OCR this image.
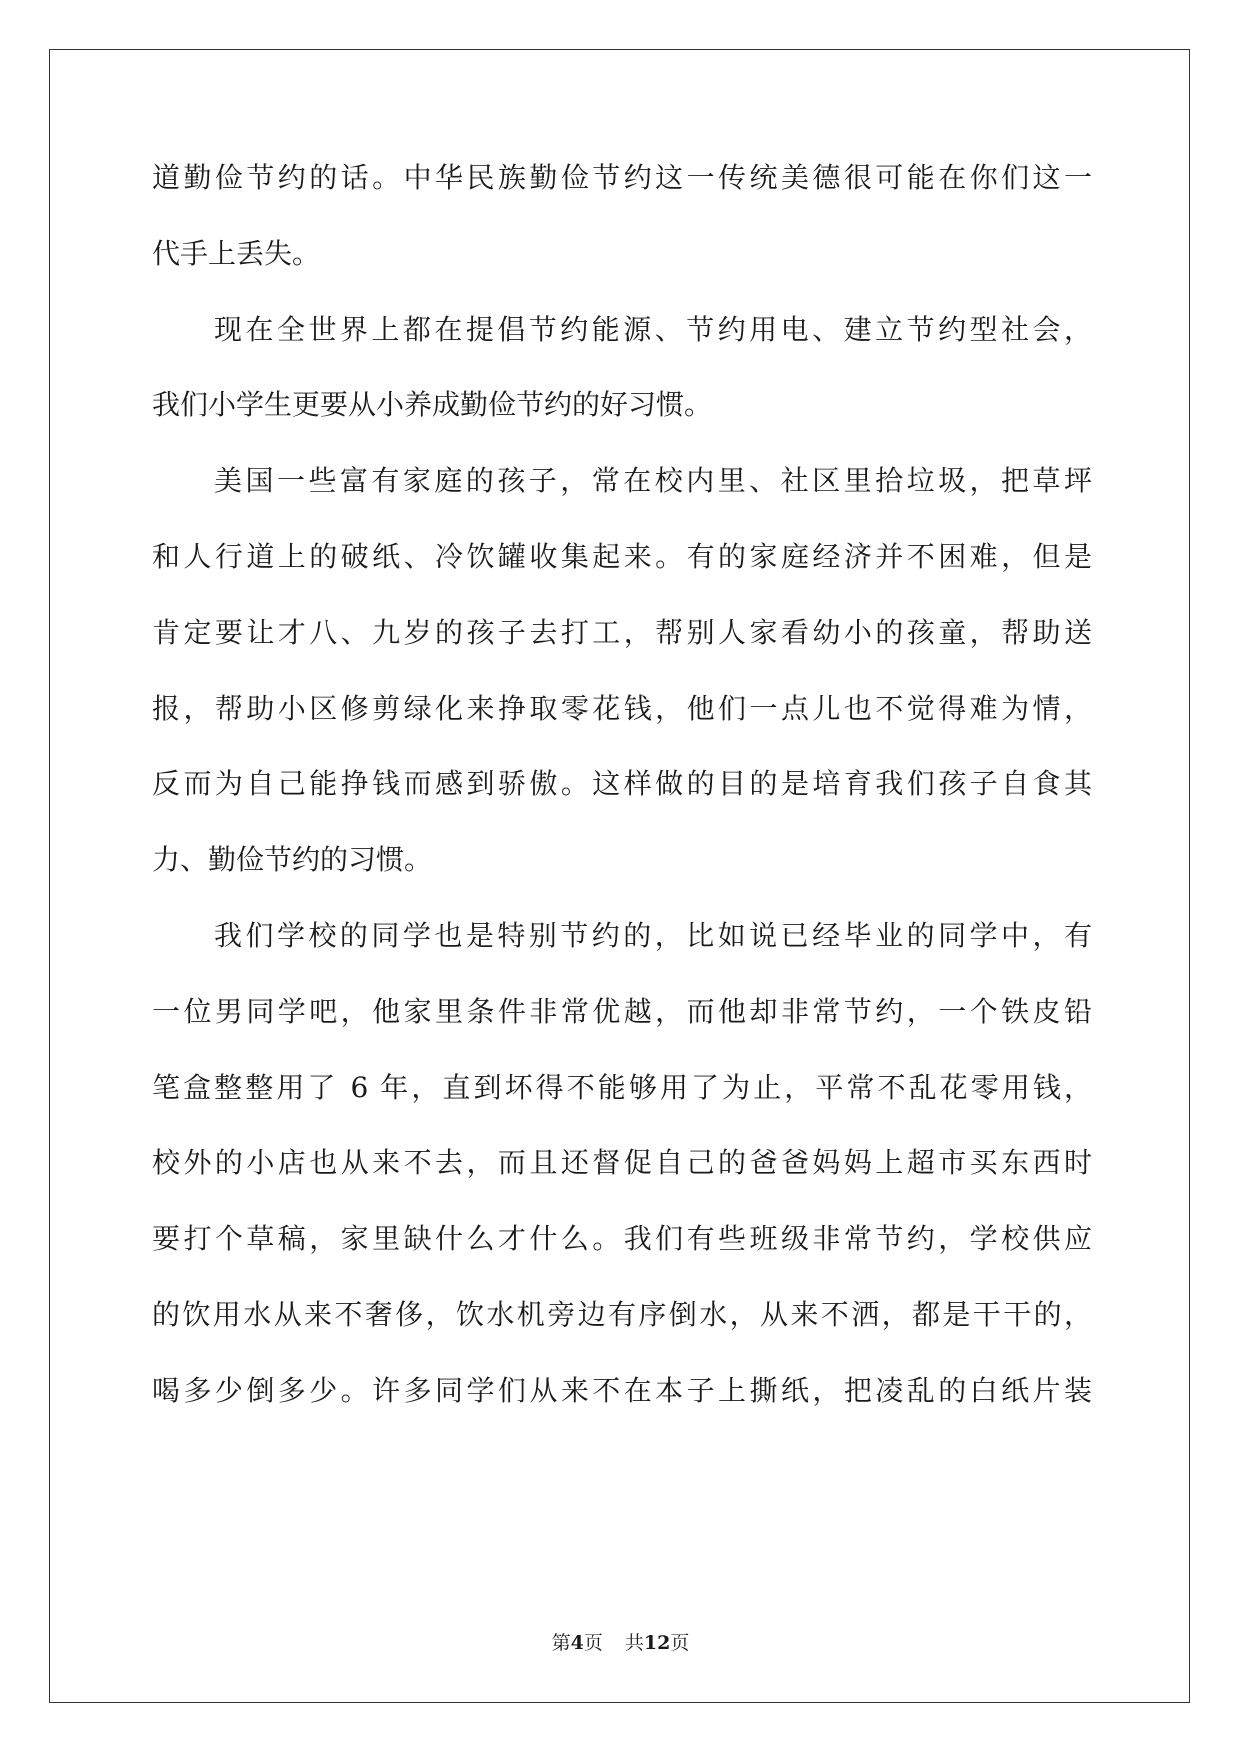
道勤俭节约的话。中华民族勤俭节约这一传统美德很可能在你们这一
代手上丢失。
现在全世界上都在提倡节约能源、节约用电、建立节约型社会，
我们小学生更要从小养成勤俭节约的好习惯。
美国一些富有家庭的孩子，常在校内里、社区里拾垃圾，把草坪
和人行道上的破纸、冷饮罐收集起来。有的家庭经济并不困难，但是
肯定要让才八、九岁的孩子去打工，帮别人家看幼小的孩童，帮助送
报，帮助小区修剪绿化来挣取零花钱，他们一点儿也不觉得难为情，
反而为自己能挣钱而感到骄傲。这样做的目的是培育我们孩子自食其
力、勤俭节约的习惯。
我们学校的同学也是特别节约的，比如说已经毕业的同学中，有
一位男同学吧，他家里条件非常优越，而他却非常节约，一个铁皮铅
笔盒整整用了 6 年，直到坏得不能够用了为止，平常不乱花零用钱，
校外的小店也从来不去，而且还督促自己的爸爸妈妈上超市买东西时
要打个草稿，家里缺什么才什么。我们有些班级非常节约，学校供应
的饮用水从来不奢侈，饮水机旁边有序倒水，从来不洒，都是干干的，
喝多少倒多少。许多同学们从来不在本子上撕纸，把凌乱的白纸片装
第4页 共12页
